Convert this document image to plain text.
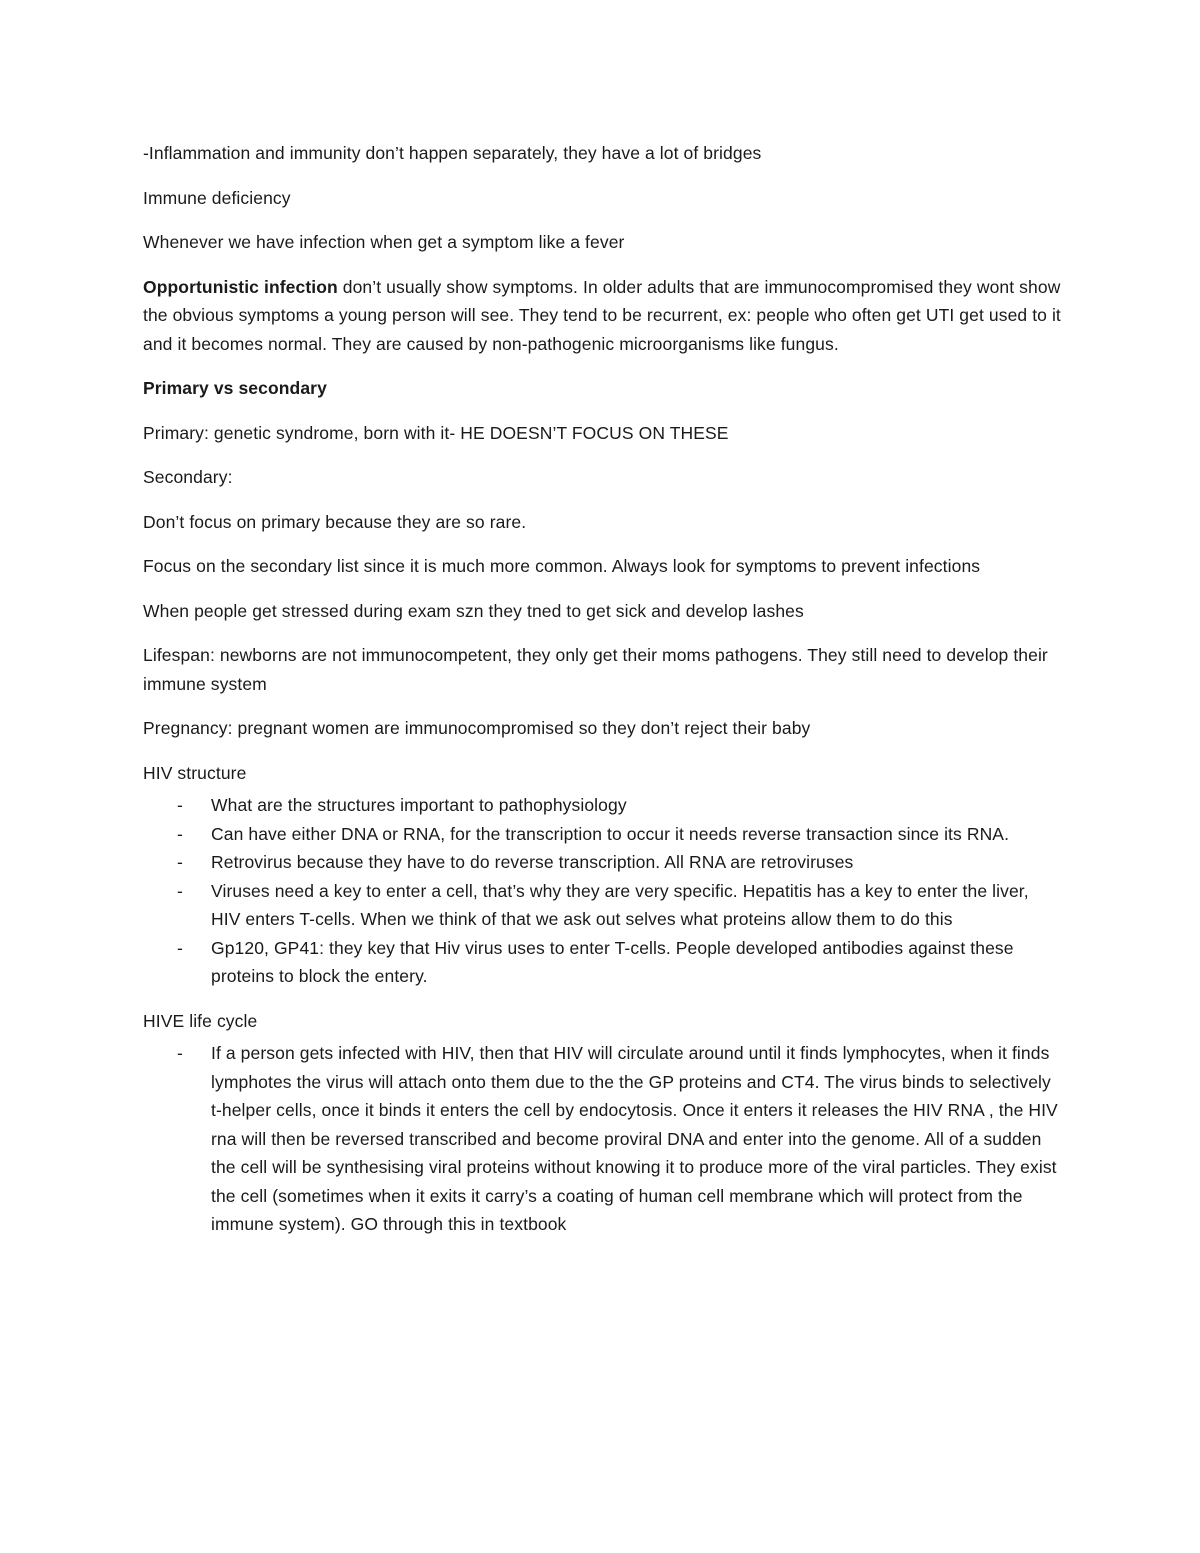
-Inflammation and immunity don’t happen separately, they have a lot of bridges

Immune deficiency

Whenever we have infection when get a symptom like a fever

Opportunistic infection don’t usually show symptoms. In older adults that are immunocompromised they wont show the obvious symptoms a young person will see. They tend to be recurrent, ex: people who often get UTI get used to it and it becomes normal. They are caused by non-pathogenic microorganisms like fungus.

Primary vs secondary

Primary: genetic syndrome, born with it- HE DOESN’T FOCUS ON THESE

Secondary:

Don’t focus on primary because they are so rare.

Focus on the secondary list since it is much more common. Always look for symptoms to prevent infections

When people get stressed during exam szn they tned to get sick and develop lashes

Lifespan: newborns are not immunocompetent, they only get their moms pathogens. They still need to develop their immune system

Pregnancy: pregnant women are immunocompromised so they don’t reject their baby

HIV structure

- What are the structures important to pathophysiology
- Can have either DNA or RNA, for the transcription to occur it needs reverse transaction since its RNA.
- Retrovirus because they have to do reverse transcription. All RNA are retroviruses
- Viruses need a key to enter a cell, that’s why they are very specific. Hepatitis has a key to enter the liver, HIV enters T-cells. When we think of that we ask out selves what proteins allow them to do this
- Gp120, GP41: they key that Hiv virus uses to enter T-cells. People developed antibodies against these proteins to block the entery.

HIVE life cycle

- If a person gets infected with HIV, then that HIV will circulate around until it finds lymphocytes, when it finds lymphotes the virus will attach onto them due to the the GP proteins and CT4. The virus binds to selectively t-helper cells, once it binds it enters the cell by endocytosis. Once it enters it releases the HIV RNA , the HIV rna will then be reversed transcribed and become proviral DNA and enter into the genome. All of a sudden the cell will be synthesising viral proteins without knowing it to produce more of the viral particles. They exist the cell (sometimes when it exits it carry’s a coating of human cell membrane which will protect from the immune system). GO through this in textbook
